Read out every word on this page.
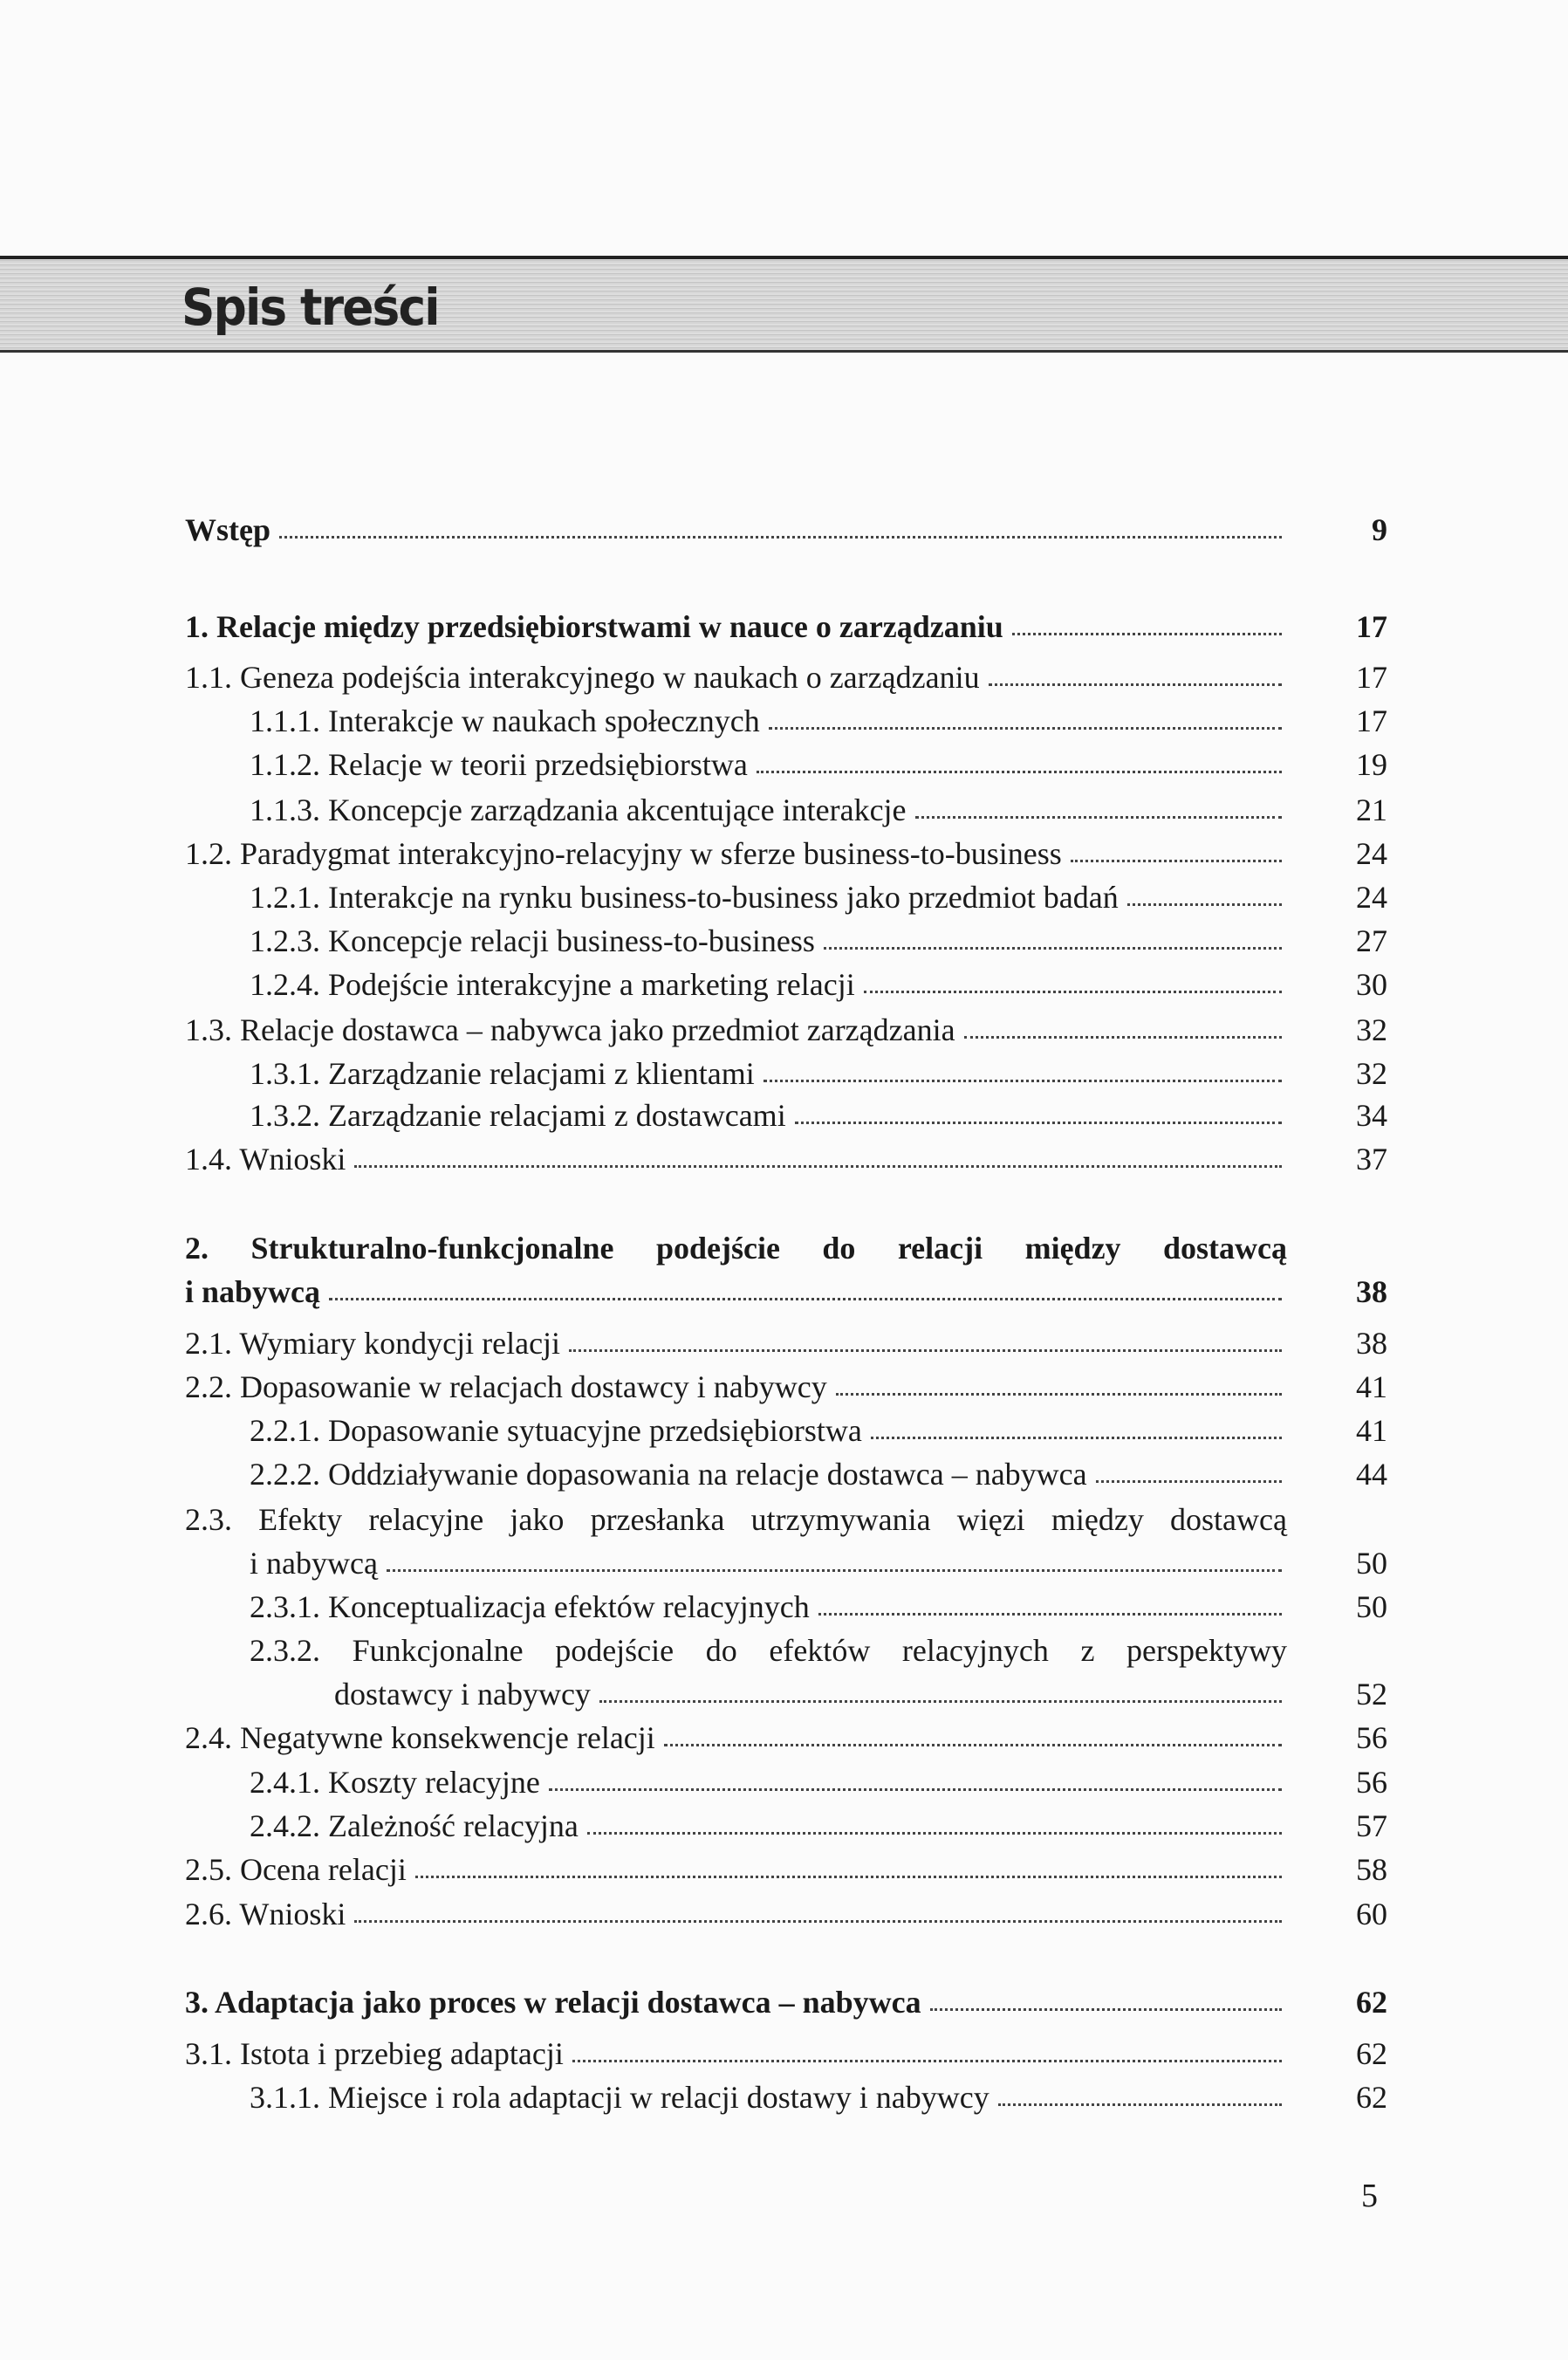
Spis treści
Wstęp	9
1. Relacje między przedsiębiorstwami w nauce o zarządzaniu	17
1.1. Geneza podejścia interakcyjnego w naukach o zarządzaniu	17
1.1.1. Interakcje w naukach społecznych	17
1.1.2. Relacje w teorii przedsiębiorstwa	19
1.1.3. Koncepcje zarządzania akcentujące interakcje	21
1.2. Paradygmat interakcyjno-relacyjny w sferze business-to-business	24
1.2.1. Interakcje na rynku business-to-business jako przedmiot badań	24
1.2.3. Koncepcje relacji business-to-business	27
1.2.4. Podejście interakcyjne a marketing relacji	30
1.3. Relacje dostawca – nabywca jako przedmiot zarządzania	32
1.3.1. Zarządzanie relacjami z klientami	32
1.3.2. Zarządzanie relacjami z dostawcami	34
1.4. Wnioski	37
2. Strukturalno-funkcjonalne podejście do relacji między dostawcą
i nabywcą	38
2.1. Wymiary kondycji relacji	38
2.2. Dopasowanie w relacjach dostawcy i nabywcy	41
2.2.1. Dopasowanie sytuacyjne przedsiębiorstwa	41
2.2.2. Oddziaływanie dopasowania na relacje dostawca – nabywca	44
2.3. Efekty relacyjne jako przesłanka utrzymywania więzi między dostawcą
i nabywcą	50
2.3.1. Konceptualizacja efektów relacyjnych	50
2.3.2. Funkcjonalne podejście do efektów relacyjnych z perspektywy
dostawcy i nabywcy	52
2.4. Negatywne konsekwencje relacji	56
2.4.1. Koszty relacyjne	56
2.4.2. Zależność relacyjna	57
2.5. Ocena relacji	58
2.6. Wnioski	60
3. Adaptacja jako proces w relacji dostawca – nabywca	62
3.1. Istota i przebieg adaptacji	62
3.1.1. Miejsce i rola adaptacji w relacji dostawy i nabywcy	62
5
